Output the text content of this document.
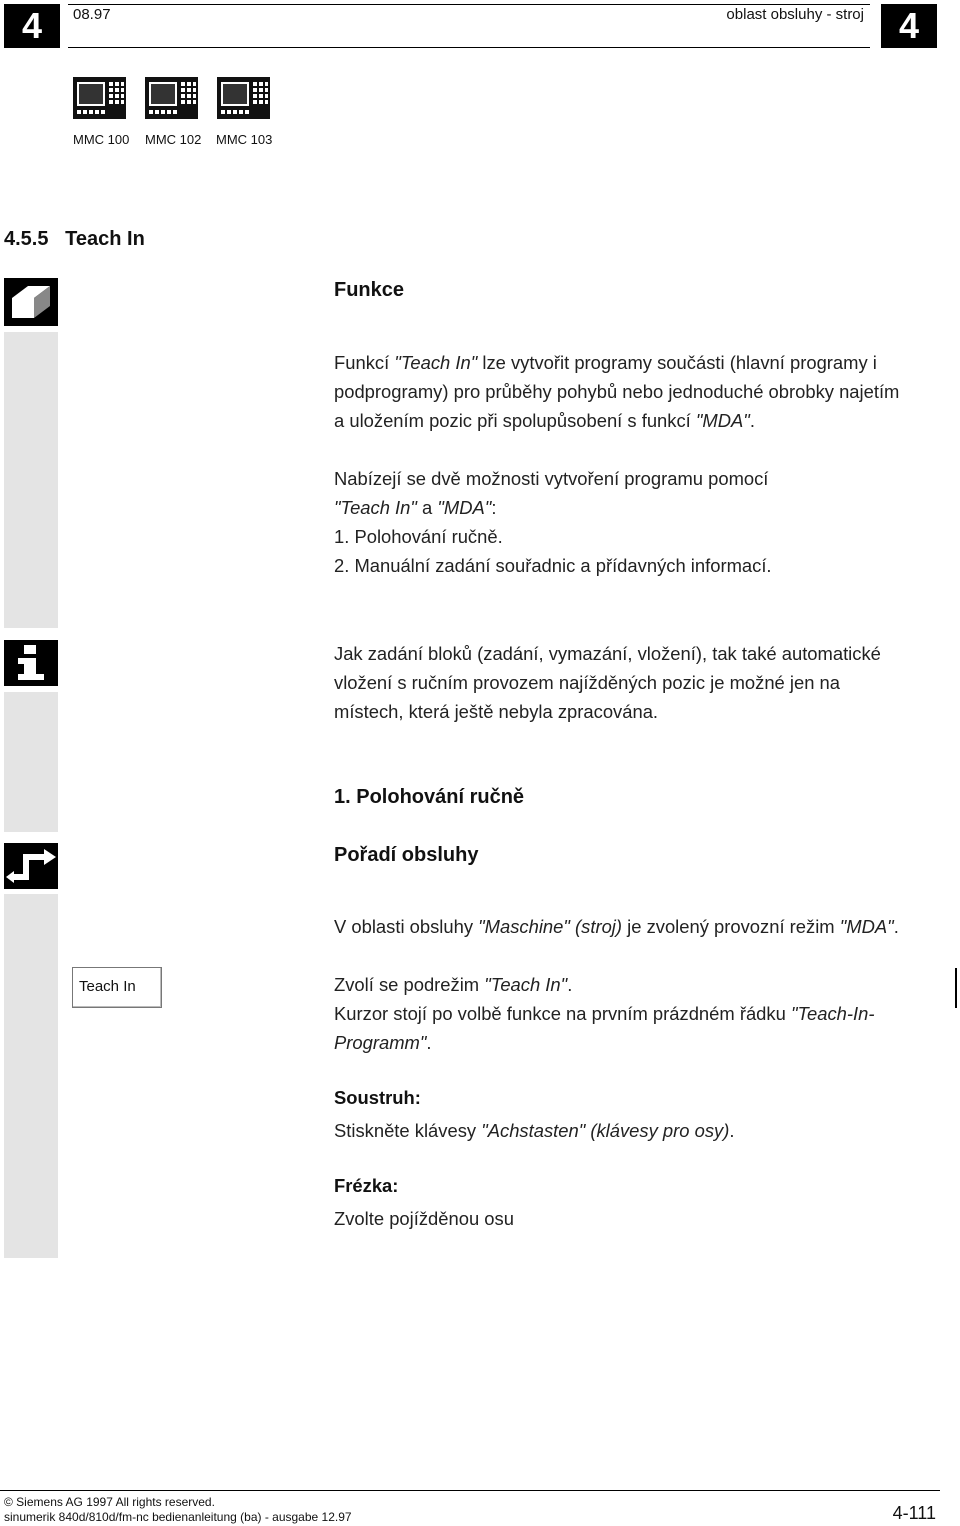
4	08.97	oblast obsluhy - stroj 4
MMC 100 MMC 102 MMC 103
4.5.5 Teach In
Funkce
Funkcí "Teach In" lze vytvořit programy součásti (hlavní programy i
podprogramy) pro průběhy pohybů nebo jednoduché obrobky najetím
a uložením pozic při spolupůsobení s funkcí "MDA".
Nabízejí se dvě možnosti vytvoření programu pomocí
"Teach In" a "MDA":
1. Polohování ručně.
2. Manuální zadání souřadnic a přídavných informací.
Jak zadání bloků (zadání, vymazání, vložení), tak také automatické
vložení s ručním provozem najížděných pozic je možné jen na
místech, která ještě nebyla zpracována.
1. Polohování ručně
Pořadí obsluhy
V oblasti obsluhy "Maschine" (stroj) je zvolený provozní režim "MDA".
Teach In	Zvolí se podrežim "Teach In".
Kurzor stojí po volbě funkce na prvním prázdném řádku "Teach-In-
Programm".
Soustruh:
Stiskněte klávesy "Achstasten" (klávesy pro osy).
Frézka:
Zvolte pojížděnou osu
© Siemens AG 1997 All rights reserved.
sinumerik 840d/810d/fm-nc bedienanleitung (ba) - ausgabe 12.97	4-111
